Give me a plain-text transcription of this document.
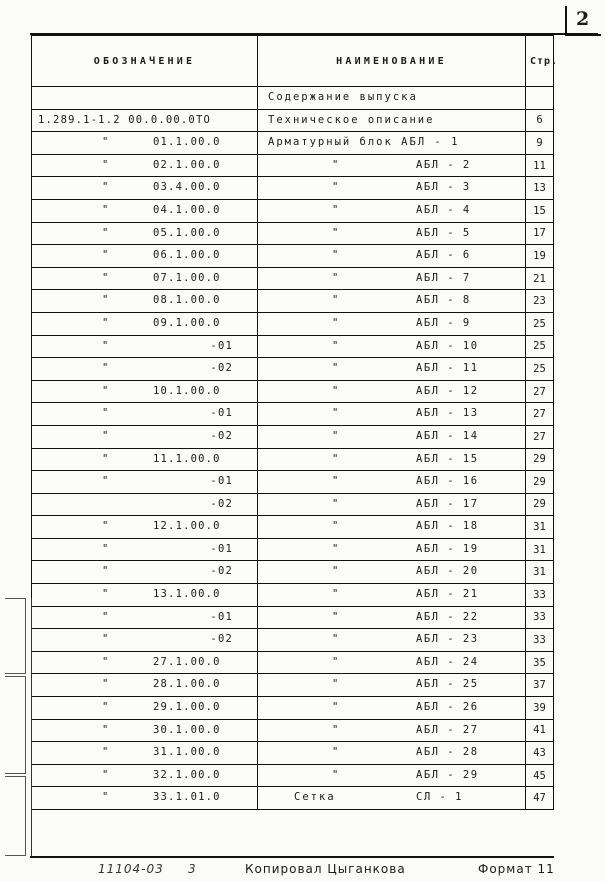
2
ОБОЗНАЧЕНИЕ	НАИМЕНОВАНИЕ	Стр.

	Содержание выпуска	

1.289.1-1.2 00.0.00.0ТО	Техническое описание	6

" 01.1.00.0	Арматурный блок АБЛ - 1	9

" 02.1.00.0	" АБЛ - 2	11

" 03.4.00.0	" АБЛ - 3	13

" 04.1.00.0	" АБЛ - 4	15

" 05.1.00.0	" АБЛ - 5	17

" 06.1.00.0	" АБЛ - 6	19

" 07.1.00.0	" АБЛ - 7	21

" 08.1.00.0	" АБЛ - 8	23

" 09.1.00.0	" АБЛ - 9	25

" -01	" АБЛ - 10	25

" -02	" АБЛ - 11	25

" 10.1.00.0	" АБЛ - 12	27

" -01	" АБЛ - 13	27

" -02	" АБЛ - 14	27

" 11.1.00.0	" АБЛ - 15	29

" -01	" АБЛ - 16	29

-02	" АБЛ - 17	29

" 12.1.00.0	" АБЛ - 18	31

" -01	" АБЛ - 19	31

" -02	" АБЛ - 20	31

" 13.1.00.0	" АБЛ - 21	33

" -01	" АБЛ - 22	33

" -02	" АБЛ - 23	33

" 27.1.00.0	" АБЛ - 24	35

" 28.1.00.0	" АБЛ - 25	37

" 29.1.00.0	" АБЛ - 26	39

" 30.1.00.0	" АБЛ - 27	41

" 31.1.00.0	" АБЛ - 28	43

" 32.1.00.0	" АБЛ - 29	45

" 33.1.01.0	Сетка СЛ - 1	47
11104-03 3	Копировал Цыганкова	Формат 11
